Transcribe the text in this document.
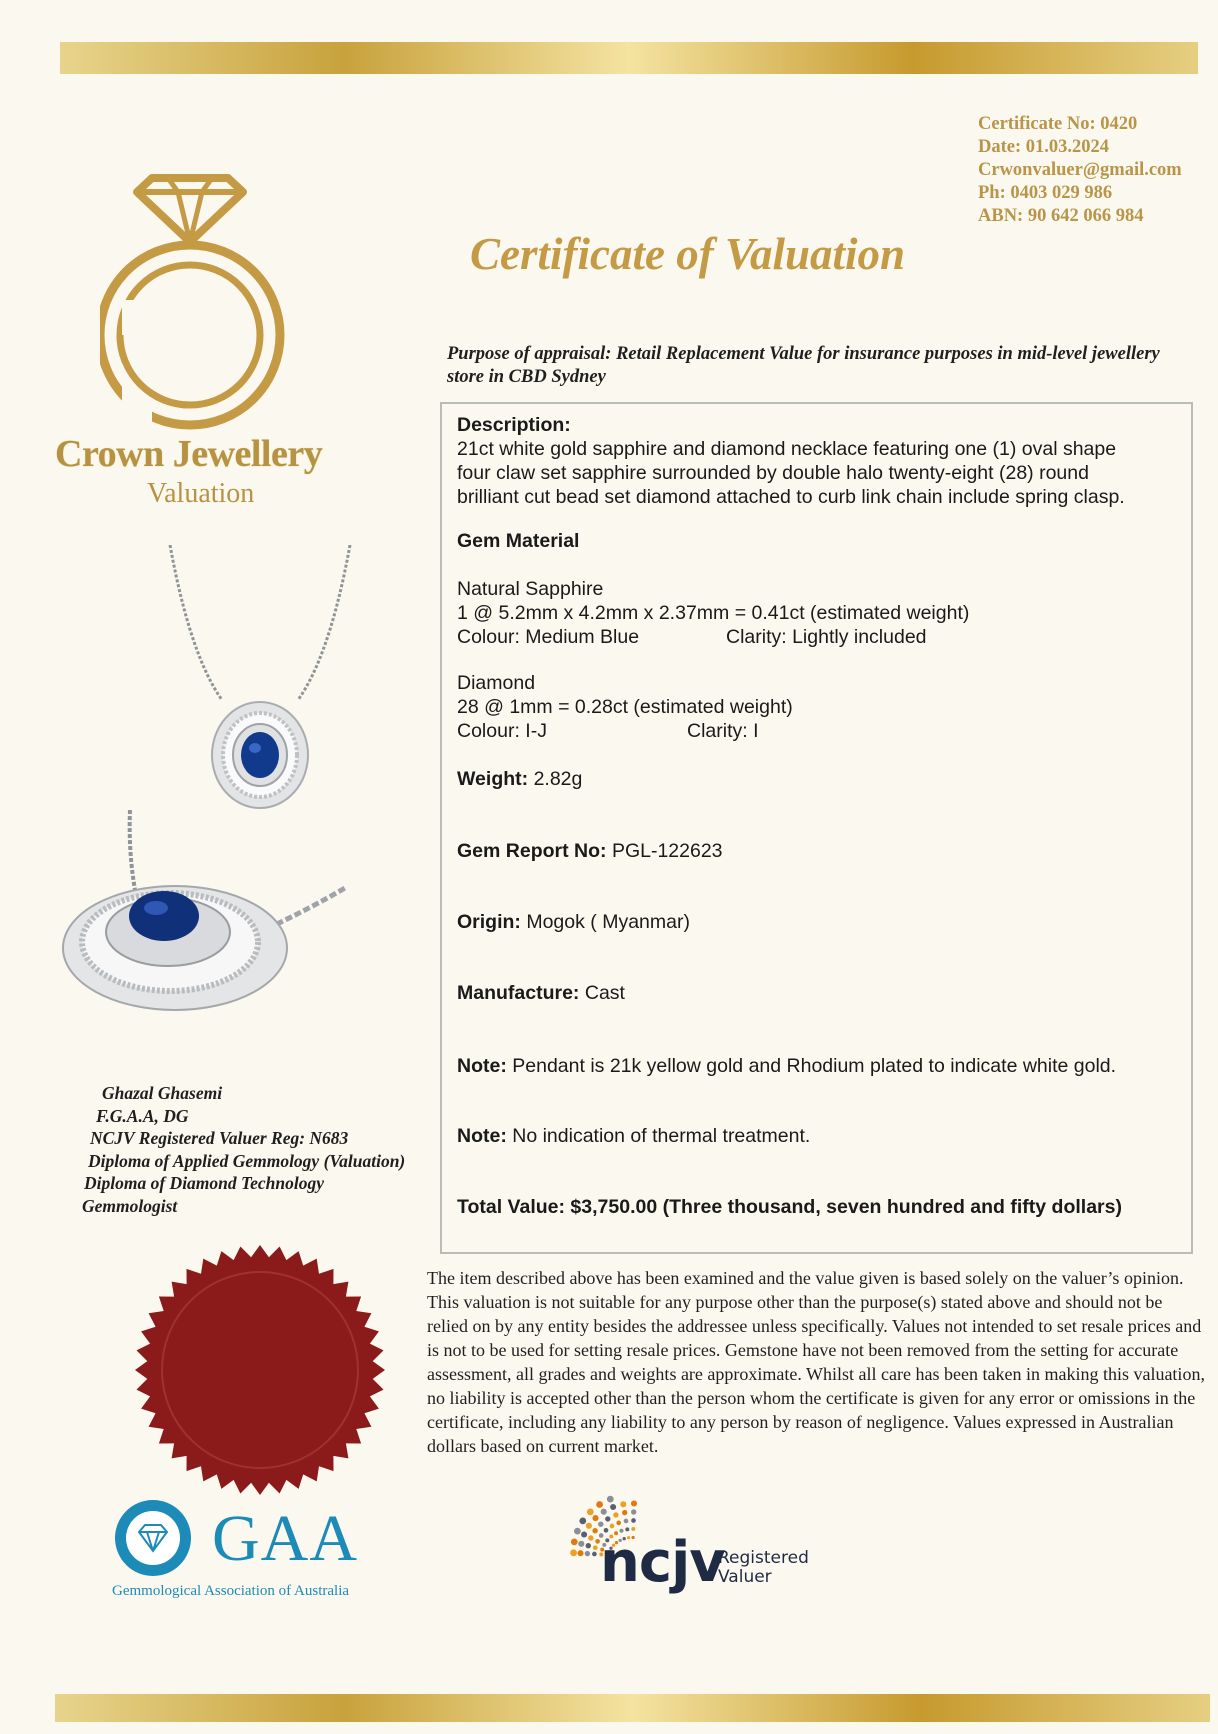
Certificate No: 0420
Date: 01.03.2024
Crwonvaluer@gmail.com
Ph: 0403 029 986
ABN: 90 642 066 984
Certificate of Valuation
Crown Jewellery
Valuation
Ghazal Ghasemi
F.G.A.A, DG
NCJV Registered Valuer Reg: N683
Diploma of Applied Gemmology (Valuation)
Diploma of Diamond Technology
Gemmologist
GAA
Gemmological Association of Australia	ncjv
Registered
Valuer
Purpose of appraisal: Retail Replacement Value for insurance purposes in mid-level jewellery store in CBD Sydney
Description:
21ct white gold sapphire and diamond necklace featuring one (1) oval shape
four claw set sapphire surrounded by double halo twenty-eight (28) round
brilliant cut bead set diamond attached to curb link chain include spring clasp.
Gem Material
Natural Sapphire
1 @ 5.2mm x 4.2mm x 2.37mm = 0.41ct (estimated weight)
Colour: Medium Blue	Clarity: Lightly included
Diamond
28 @ 1mm = 0.28ct (estimated weight)
Colour: I-J	Clarity: I
Weight: 2.82g
Gem Report No: PGL-122623
Origin: Mogok ( Myanmar)
Manufacture: Cast
Note: Pendant is 21k yellow gold and Rhodium plated to indicate white gold.
Note: No indication of thermal treatment.
Total Value: $3,750.00 (Three thousand, seven hundred and fifty dollars)
The item described above has been examined and the value given is based solely on the valuer’s opinion. This valuation is not suitable for any purpose other than the purpose(s) stated above and should not be relied on by any entity besides the addressee unless specifically. Values not intended to set resale prices and is not to be used for setting resale prices. Gemstone have not been removed from the setting for accurate assessment, all grades and weights are approximate. Whilst all care has been taken in making this valuation, no liability is accepted other than the person whom the certificate is given for any error or omissions in the certificate, including any liability to any person by reason of negligence. Values expressed in Australian dollars based on current market.
